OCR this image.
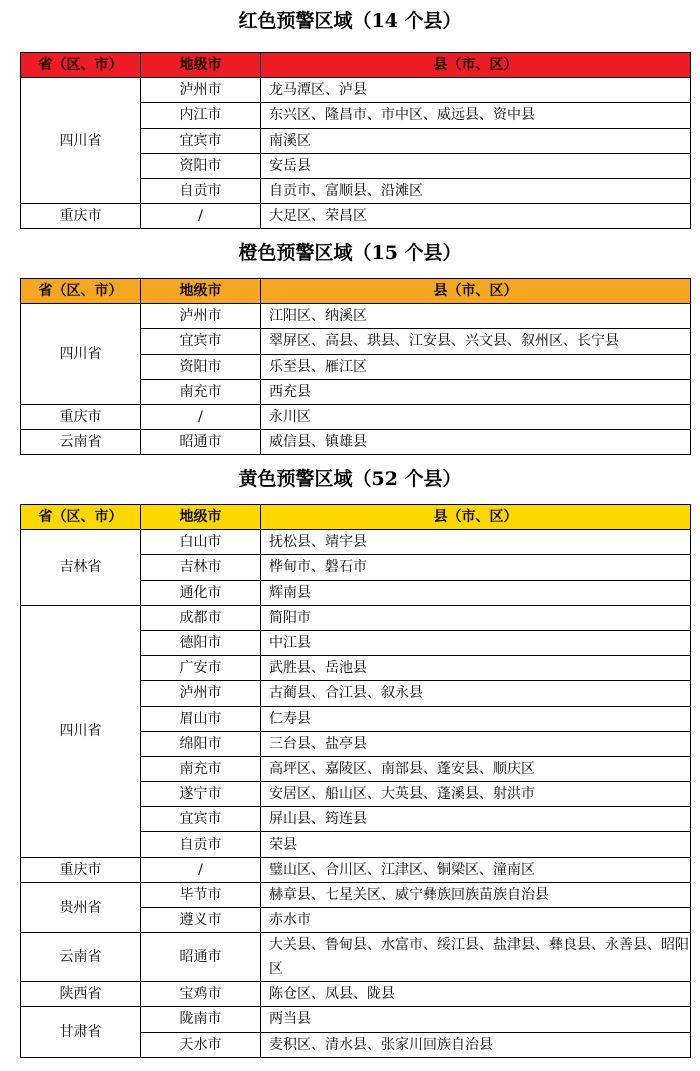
红色预警区域（14 个县）
省（区、市）	地级市	县（市、区）
四川省	泸州市	龙马潭区、泸县
	内江市	东兴区、隆昌市、市中区、威远县、资中县
	宜宾市	南溪区
	资阳市	安岳县
	自贡市	自贡市、富顺县、沿滩区
重庆市	/	大足区、荣昌区
橙色预警区域（15 个县）
省（区、市）	地级市	县（市、区）
四川省	泸州市	江阳区、纳溪区
	宜宾市	翠屏区、高县、珙县、江安县、兴文县、叙州区、长宁县
	资阳市	乐至县、雁江区
	南充市	西充县
重庆市	/	永川区
云南省	昭通市	威信县、镇雄县
黄色预警区域（52 个县）
省（区、市）	地级市	县（市、区）
吉林省	白山市	抚松县、靖宇县
	吉林市	桦甸市、磐石市
	通化市	辉南县
四川省	成都市	简阳市
	德阳市	中江县
	广安市	武胜县、岳池县
	泸州市	古蔺县、合江县、叙永县
	眉山市	仁寿县
	绵阳市	三台县、盐亭县
	南充市	高坪区、嘉陵区、南部县、蓬安县、顺庆区
	遂宁市	安居区、船山区、大英县、蓬溪县、射洪市
	宜宾市	屏山县、筠连县
	自贡市	荣县
重庆市	/	璧山区、合川区、江津区、铜梁区、潼南区
贵州省	毕节市	赫章县、七星关区、威宁彝族回族苗族自治县
	遵义市	赤水市
云南省	昭通市	大关县、鲁甸县、水富市、绥江县、盐津县、彝良县、永善县、昭阳区
陕西省	宝鸡市	陈仓区、凤县、陇县
甘肃省	陇南市	两当县
	天水市	麦积区、清水县、张家川回族自治县
